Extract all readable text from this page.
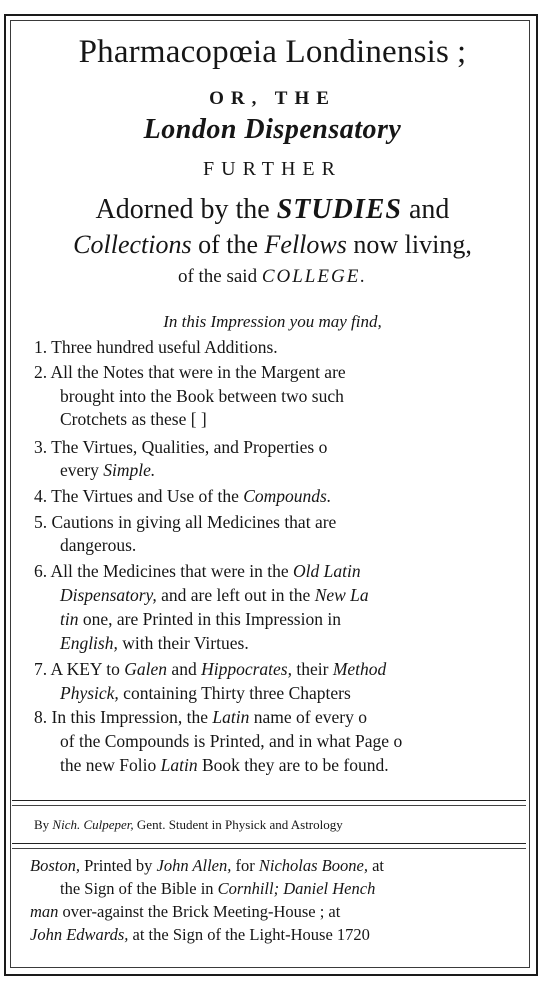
Pharmacopœia Londinensis ;
OR, THE
London Dispensatory
FURTHER
Adorned by the STUDIES and
Collections of the Fellows now living,
of the said COLLEGE.
In this Impression you may find,
1. Three hundred useful Additions.
2. All the Notes that were in the Margent are
brought into the Book between two such
Crotchets as these [ ]
3. The Virtues, Qualities, and Properties o
every Simple.
4. The Virtues and Use of the Compounds.
5. Cautions in giving all Medicines that are
dangerous.
6. All the Medicines that were in the Old Latin
Dispensatory, and are left out in the New La
tin one, are Printed in this Impression in
English, with their Virtues.
7. A KEY to Galen and Hippocrates, their Method
Physick, containing Thirty three Chapters
8. In this Impression, the Latin name of every o
of the Compounds is Printed, and in what Page o
the new Folio Latin Book they are to be found.
By Nich. Culpeper, Gent. Student in Physick and Astrology
Boston, Printed by John Allen, for Nicholas Boone, at
the Sign of the Bible in Cornhill; Daniel Hench
man over-against the Brick Meeting-House ; at
John Edwards, at the Sign of the Light-House 1720
